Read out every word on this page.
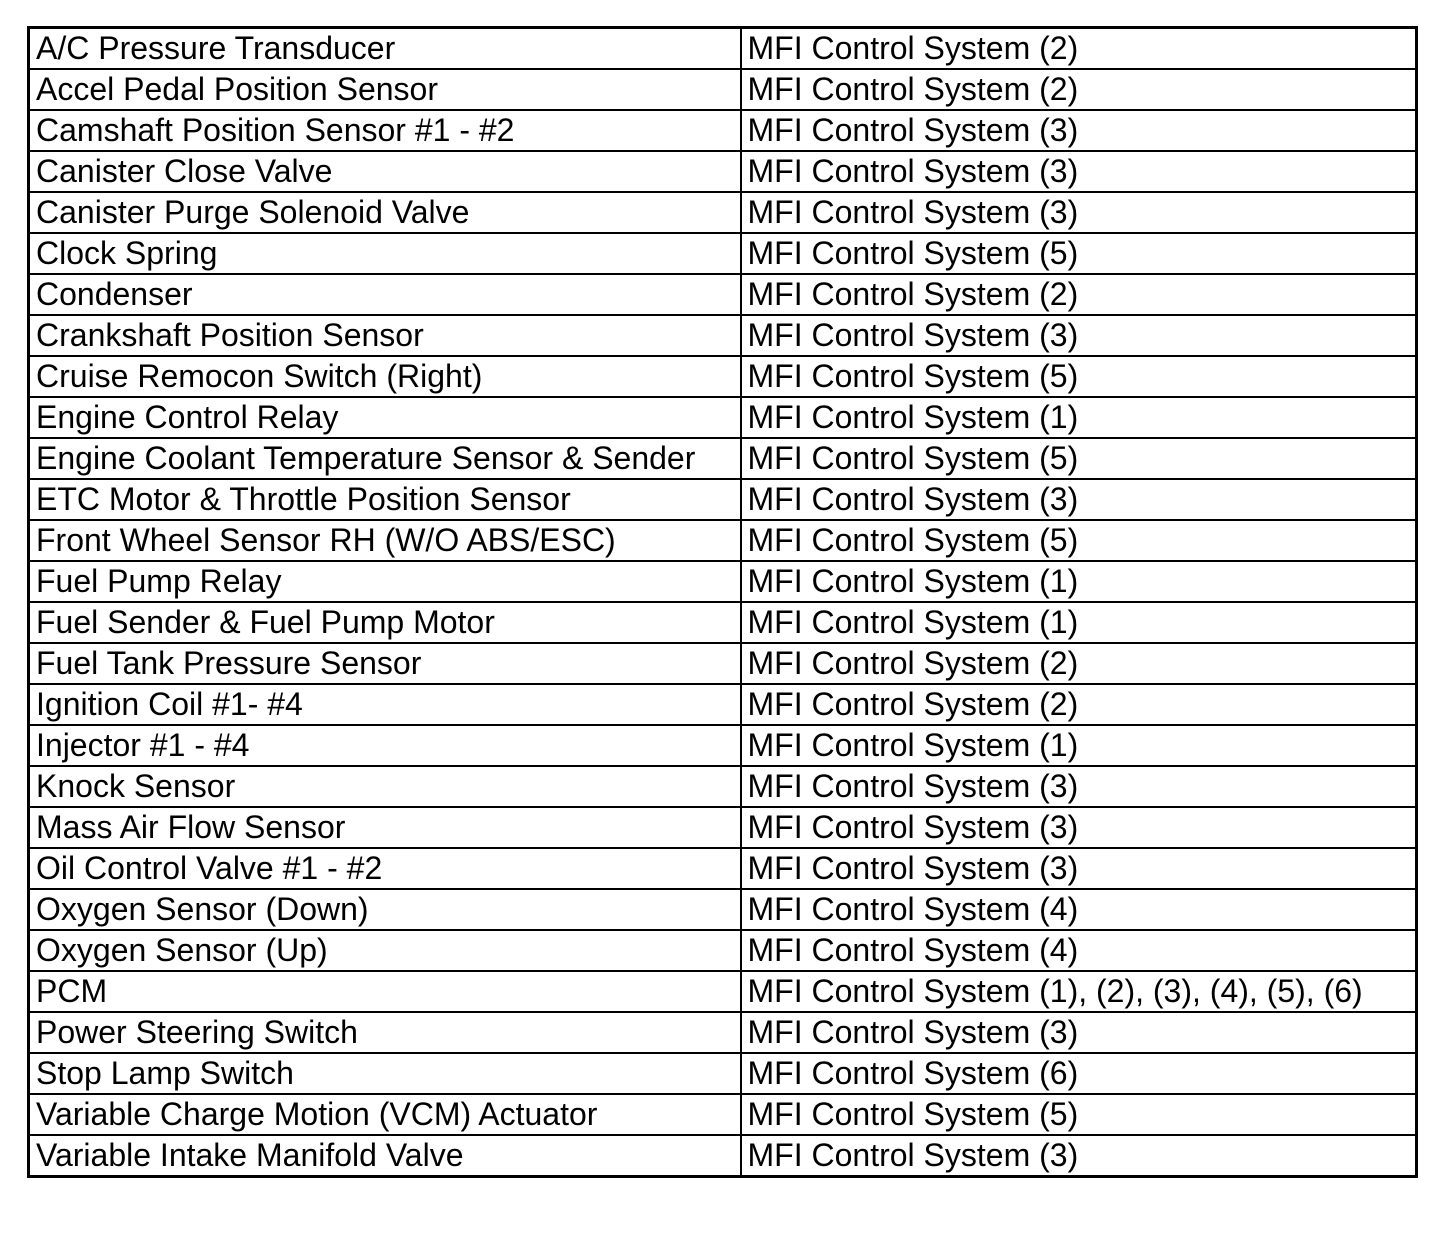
A/C Pressure Transducer	MFI Control System (2)
Accel Pedal Position Sensor	MFI Control System (2)
Camshaft Position Sensor #1 - #2	MFI Control System (3)
Canister Close Valve	MFI Control System (3)
Canister Purge Solenoid Valve	MFI Control System (3)
Clock Spring	MFI Control System (5)
Condenser	MFI Control System (2)
Crankshaft Position Sensor	MFI Control System (3)
Cruise Remocon Switch (Right)	MFI Control System (5)
Engine Control Relay	MFI Control System (1)
Engine Coolant Temperature Sensor & Sender	MFI Control System (5)
ETC Motor & Throttle Position Sensor	MFI Control System (3)
Front Wheel Sensor RH (W/O ABS/ESC)	MFI Control System (5)
Fuel Pump Relay	MFI Control System (1)
Fuel Sender & Fuel Pump Motor	MFI Control System (1)
Fuel Tank Pressure Sensor	MFI Control System (2)
Ignition Coil #1- #4	MFI Control System (2)
Injector #1 - #4	MFI Control System (1)
Knock Sensor	MFI Control System (3)
Mass Air Flow Sensor	MFI Control System (3)
Oil Control Valve #1 - #2	MFI Control System (3)
Oxygen Sensor (Down)	MFI Control System (4)
Oxygen Sensor (Up)	MFI Control System (4)
PCM	MFI Control System (1), (2), (3), (4), (5), (6)
Power Steering Switch	MFI Control System (3)
Stop Lamp Switch	MFI Control System (6)
Variable Charge Motion (VCM) Actuator	MFI Control System (5)
Variable Intake Manifold Valve	MFI Control System (3)
